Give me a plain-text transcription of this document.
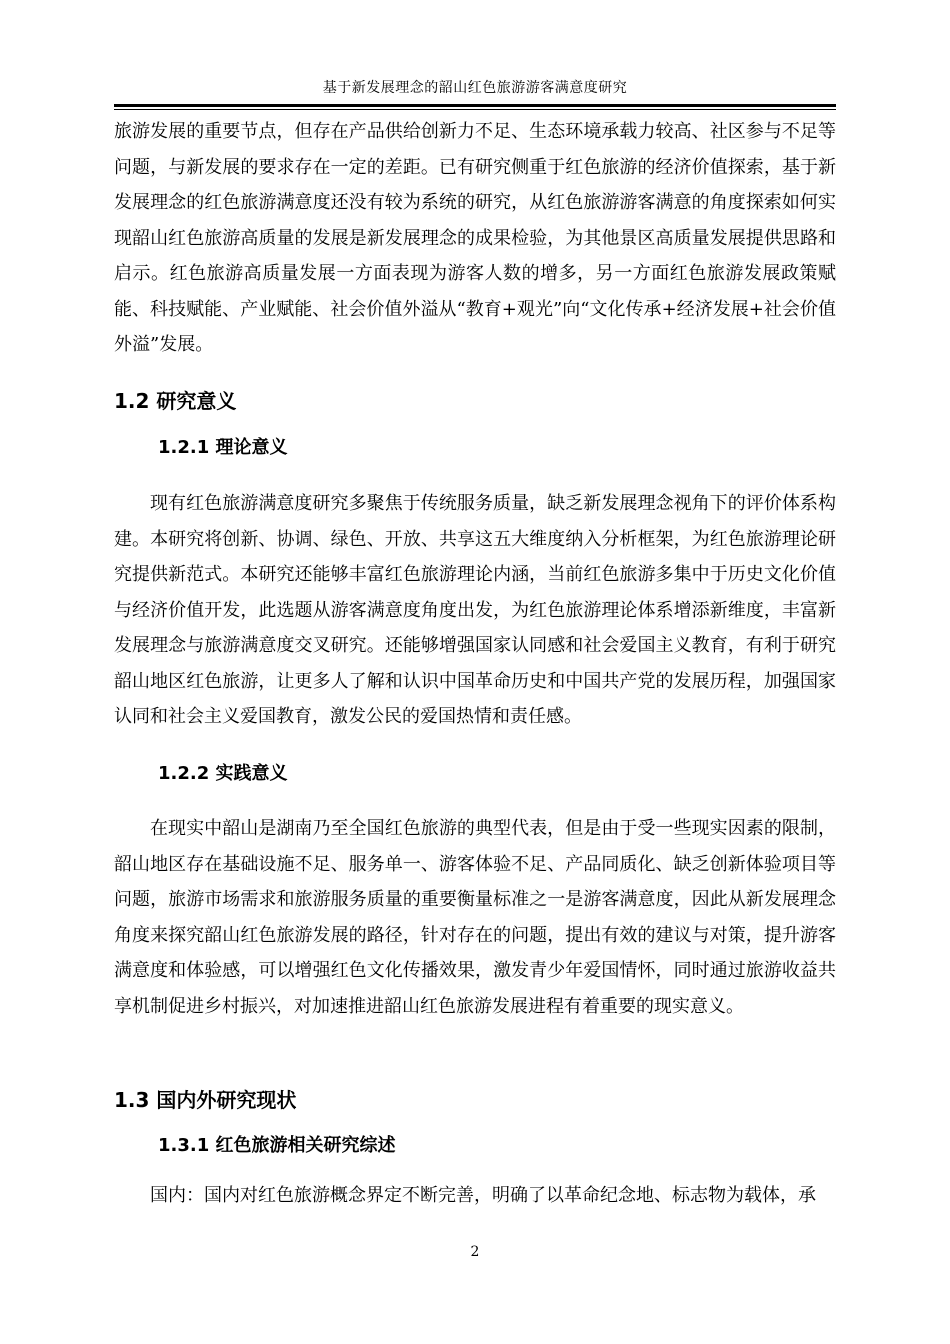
基于新发展理念的韶山红色旅游游客满意度研究

旅游发展的重要节点，但存在产品供给创新力不足、生态环境承载力较高、社区参与不足等问题，与新发展的要求存在一定的差距。已有研究侧重于红色旅游的经济价值探索，基于新发展理念的红色旅游满意度还没有较为系统的研究，从红色旅游游客满意的角度探索如何实现韶山红色旅游高质量的发展是新发展理念的成果检验，为其他景区高质量发展提供思路和启示。红色旅游高质量发展一方面表现为游客人数的增多，另一方面红色旅游发展政策赋能、科技赋能、产业赋能、社会价值外溢从“教育+观光”向“文化传承+经济发展+社会价值外溢”发展。

1.2 研究意义
1.2.1 理论意义

现有红色旅游满意度研究多聚焦于传统服务质量，缺乏新发展理念视角下的评价体系构建。本研究将创新、协调、绿色、开放、共享这五大维度纳入分析框架，为红色旅游理论研究提供新范式。本研究还能够丰富红色旅游理论内涵，当前红色旅游多集中于历史文化价值与经济价值开发，此选题从游客满意度角度出发，为红色旅游理论体系增添新维度，丰富新发展理念与旅游满意度交叉研究。还能够增强国家认同感和社会爱国主义教育，有利于研究韶山地区红色旅游，让更多人了解和认识中国革命历史和中国共产党的发展历程，加强国家认同和社会主义爱国教育，激发公民的爱国热情和责任感。

1.2.2 实践意义

在现实中韶山是湖南乃至全国红色旅游的典型代表，但是由于受一些现实因素的限制，韶山地区存在基础设施不足、服务单一、游客体验不足、产品同质化、缺乏创新体验项目等问题，旅游市场需求和旅游服务质量的重要衡量标准之一是游客满意度，因此从新发展理念角度来探究韶山红色旅游发展的路径，针对存在的问题，提出有效的建议与对策，提升游客满意度和体验感，可以增强红色文化传播效果，激发青少年爱国情怀，同时通过旅游收益共享机制促进乡村振兴，对加速推进韶山红色旅游发展进程有着重要的现实意义。

1.3 国内外研究现状
1.3.1 红色旅游相关研究综述

国内：国内对红色旅游概念界定不断完善，明确了以革命纪念地、标志物为载体，承

2
